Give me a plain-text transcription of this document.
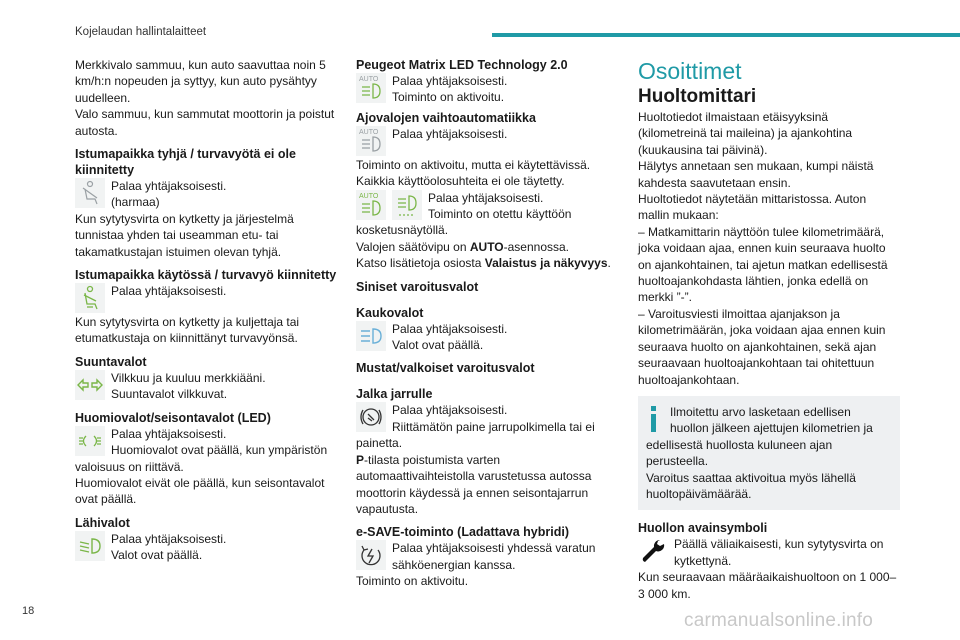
Kojelaudan hallintalaitteet

Merkkivalo sammuu, kun auto saavuttaa noin 5 km/h:n nopeuden ja syttyy, kun auto pysähtyy uudelleen.

Valo sammuu, kun sammutat moottorin ja poistut autosta.

Istumapaikka tyhjä / turvavyötä ei ole kiinnitetty

Palaa yhtäjaksoisesti.

(harmaa)

Kun sytytysvirta on kytketty ja järjestelmä tunnistaa yhden tai useamman etu- tai takamatkustajan istuimen olevan tyhjä.

Istumapaikka käytössä / turvavyö kiinnitetty

Palaa yhtäjaksoisesti.

Kun sytytysvirta on kytketty ja kuljettaja tai etumatkustaja on kiinnittänyt turvavyönsä.

Suuntavalot

Vilkkuu ja kuuluu merkkiääni.

Suuntavalot vilkkuvat.

Huomiovalot/seisontavalot (LED)

Palaa yhtäjaksoisesti.

Huomiovalot ovat päällä, kun ympäristön valoisuus on riittävä.

Huomiovalot eivät ole päällä, kun seisontavalot ovat päällä.

Lähivalot

Palaa yhtäjaksoisesti.

Valot ovat päällä.

Peugeot Matrix LED Technology 2.0

AUTO	Palaa yhtäjaksoisesti.

Toiminto on aktivoitu.

Ajovalojen vaihtoautomatiikka

AUTO	Palaa yhtäjaksoisesti.

Toiminto on aktivoitu, mutta ei käytettävissä. Kaikkia käyttöolosuhteita ei ole täytetty.

AUTO	Palaa yhtäjaksoisesti.

Toiminto on otettu käyttöön kosketusnäytöllä.

Valojen säätövipu on AUTO-asennossa.

Katso lisätietoja osiosta Valaistus ja näkyvyys.

Siniset varoitusvalot

Kaukovalot

Palaa yhtäjaksoisesti.

Valot ovat päällä.

Mustat/valkoiset varoitusvalot

Jalka jarrulle

Palaa yhtäjaksoisesti.

Riittämätön paine jarrupolkimella tai ei painetta.

P-tilasta poistumista varten automaattivaihteistolla varustetussa autossa moottorin käydessä ja ennen seisontajarrun vapautusta.

e-SAVE-toiminto (Ladattava hybridi)

Palaa yhtäjaksoisesti yhdessä varatun sähköenergian kanssa.

Toiminto on aktivoitu.

Osoittimet

Huoltomittari

Huoltotiedot ilmaistaan etäisyyksinä (kilometreinä tai maileina) ja ajankohtina (kuukausina tai päivinä).

Hälytys annetaan sen mukaan, kumpi näistä kahdesta saavutetaan ensin.

Huoltotiedot näytetään mittaristossa. Auton mallin mukaan:

– Matkamittarin näyttöön tulee kilometrimäärä, joka voidaan ajaa, ennen kuin seuraava huolto on ajankohtainen, tai ajetun matkan edellisestä huoltoajankohdasta lähtien, jonka edellä on merkki ”-”.

– Varoitusviesti ilmoittaa ajanjakson ja kilometrimäärän, joka voidaan ajaa ennen kuin seuraava huolto on ajankohtainen, sekä ajan seuraavaan huoltoajankohtaan tai ohitettuun huoltoajankohtaan.

Ilmoitettu arvo lasketaan edellisen huollon jälkeen ajettujen kilometrien ja edellisestä huollosta kuluneen ajan perusteella.

Varoitus saattaa aktivoitua myös lähellä huoltopäivämäärää.

Huollon avainsymboli

Päällä väliaikaisesti, kun sytytysvirta on kytkettynä.

Kun seuraavaan määräaikaishuoltoon on 1 000–3 000 km.

18	carmanualsonline.info
